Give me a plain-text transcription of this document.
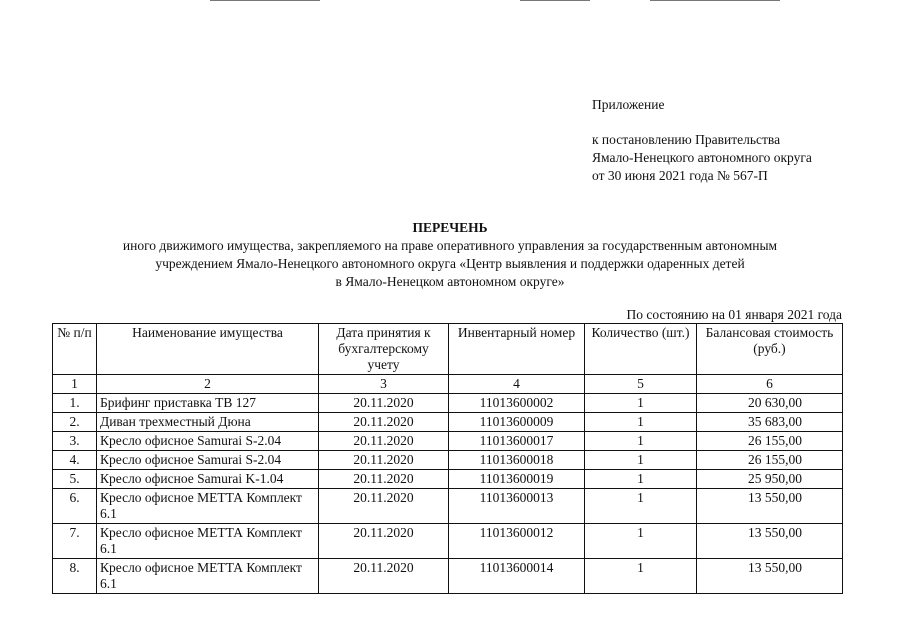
Приложение
к постановлению Правительства
Ямало-Ненецкого автономного округа
от 30 июня 2021 года № 567-П
ПЕРЕЧЕНЬ
иного движимого имущества, закрепляемого на праве оперативного управления за государственным автономным
учреждением Ямало-Ненецкого автономного округа «Центр выявления и поддержки одаренных детей
в Ямало-Ненецком автономном округе»
По состоянию на 01 января 2021 года
№ п/п	Наименование имущества	Дата принятия к бухгалтерскому учету	Инвентарный номер	Количество (шт.)	Балансовая стоимость (руб.)
1	2	3	4	5	6
1.	Брифинг приставка ТВ 127	20.11.2020	11013600002	1	20 630,00
2.	Диван трехместный Дюна	20.11.2020	11013600009	1	35 683,00
3.	Кресло офисное Samurai S-2.04	20.11.2020	11013600017	1	26 155,00
4.	Кресло офисное Samurai S-2.04	20.11.2020	11013600018	1	26 155,00
5.	Кресло офисное Samurai K-1.04	20.11.2020	11013600019	1	25 950,00
6.	Кресло офисное МЕТТА Комплект 6.1	20.11.2020	11013600013	1	13 550,00
7.	Кресло офисное МЕТТА Комплект 6.1	20.11.2020	11013600012	1	13 550,00
8.	Кресло офисное МЕТТА Комплект 6.1	20.11.2020	11013600014	1	13 550,00
